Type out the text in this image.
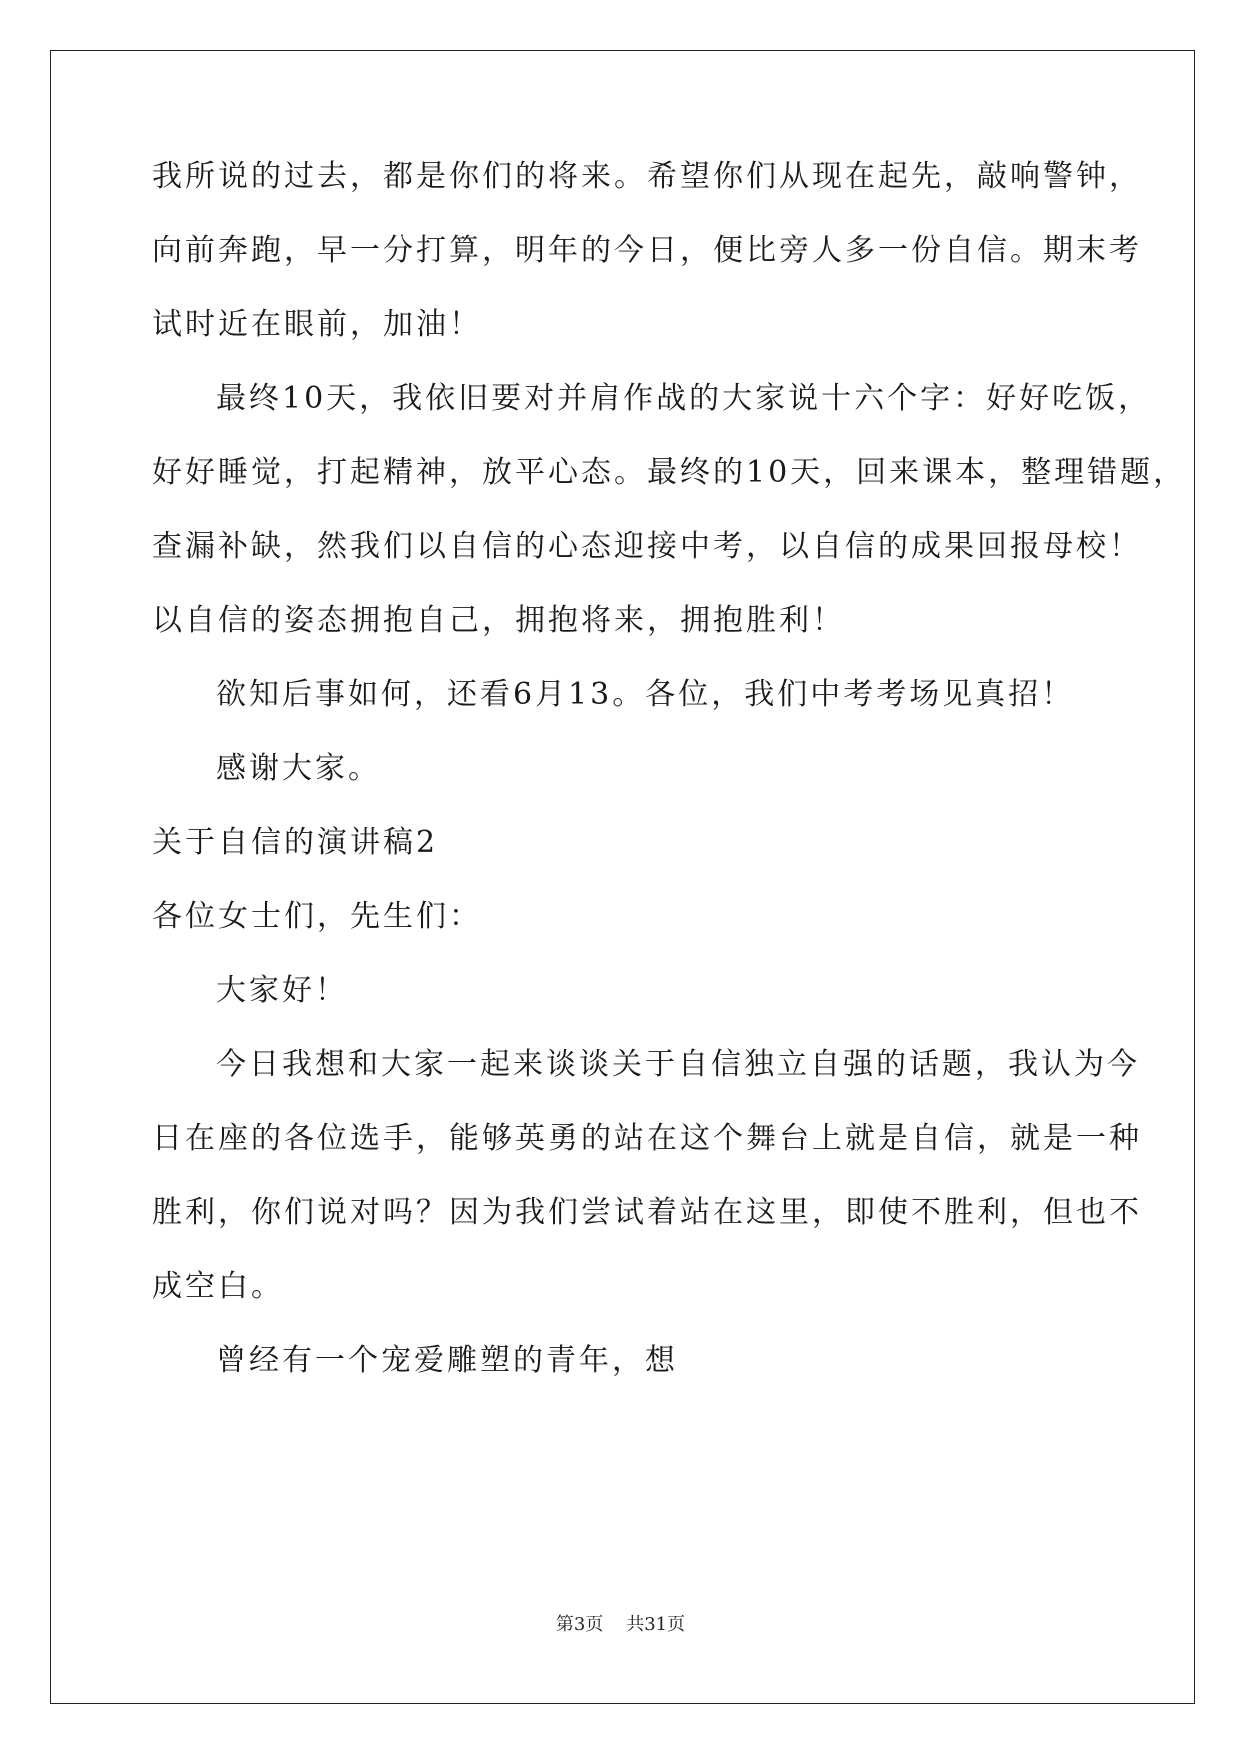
我所说的过去，都是你们的将来。希望你们从现在起先，敲响警钟，
向前奔跑，早一分打算，明年的今日，便比旁人多一份自信。期末考
试时近在眼前，加油！
最终10天，我依旧要对并肩作战的大家说十六个字：好好吃饭，
好好睡觉，打起精神，放平心态。最终的10天，回来课本，整理错题，
查漏补缺，然我们以自信的心态迎接中考，以自信的成果回报母校！
以自信的姿态拥抱自己，拥抱将来，拥抱胜利！
欲知后事如何，还看6月13。各位，我们中考考场见真招！
感谢大家。
关于自信的演讲稿2
各位女士们，先生们：
大家好！
今日我想和大家一起来谈谈关于自信独立自强的话题，我认为今
日在座的各位选手，能够英勇的站在这个舞台上就是自信，就是一种
胜利，你们说对吗？因为我们尝试着站在这里，即使不胜利，但也不
成空白。
曾经有一个宠爱雕塑的青年，想
第3页 共31页
